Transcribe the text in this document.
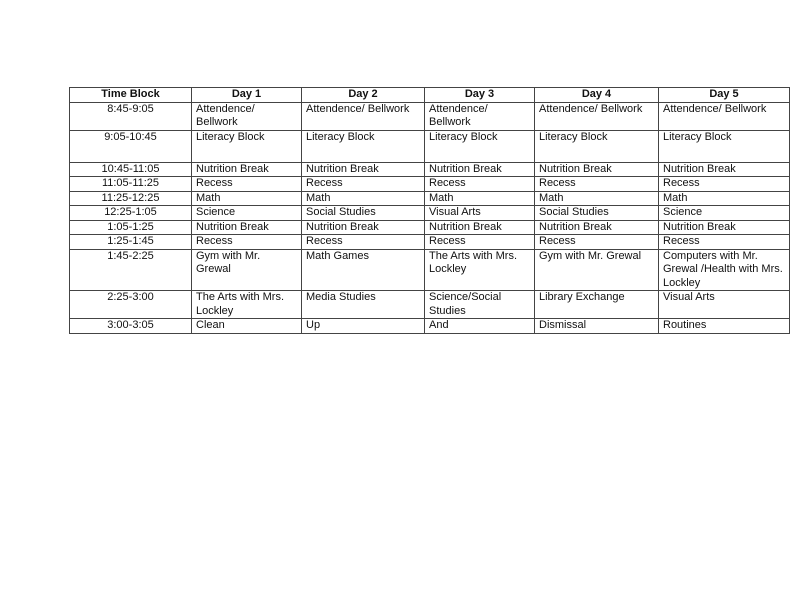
Time Block	Day 1	Day 2	Day 3	Day 4	Day 5
8:45-9:05	Attendence/ Bellwork	Attendence/ Bellwork	Attendence/ Bellwork	Attendence/ Bellwork	Attendence/ Bellwork
9:05-10:45	Literacy Block	Literacy Block	Literacy Block	Literacy Block	Literacy Block
10:45-11:05	Nutrition Break	Nutrition Break	Nutrition Break	Nutrition Break	Nutrition Break
11:05-11:25	Recess	Recess	Recess	Recess	Recess
11:25-12:25	Math	Math	Math	Math	Math
12:25-1:05	Science	Social Studies	Visual Arts	Social Studies	Science
1:05-1:25	Nutrition Break	Nutrition Break	Nutrition Break	Nutrition Break	Nutrition Break
1:25-1:45	Recess	Recess	Recess	Recess	Recess
1:45-2:25	Gym with Mr. Grewal	Math Games	The Arts with Mrs. Lockley	Gym with Mr. Grewal	Computers with Mr. Grewal /Health with Mrs. Lockley
2:25-3:00	The Arts with Mrs. Lockley	Media Studies	Science/Social Studies	Library Exchange	Visual Arts
3:00-3:05	Clean	Up	And	Dismissal	Routines
